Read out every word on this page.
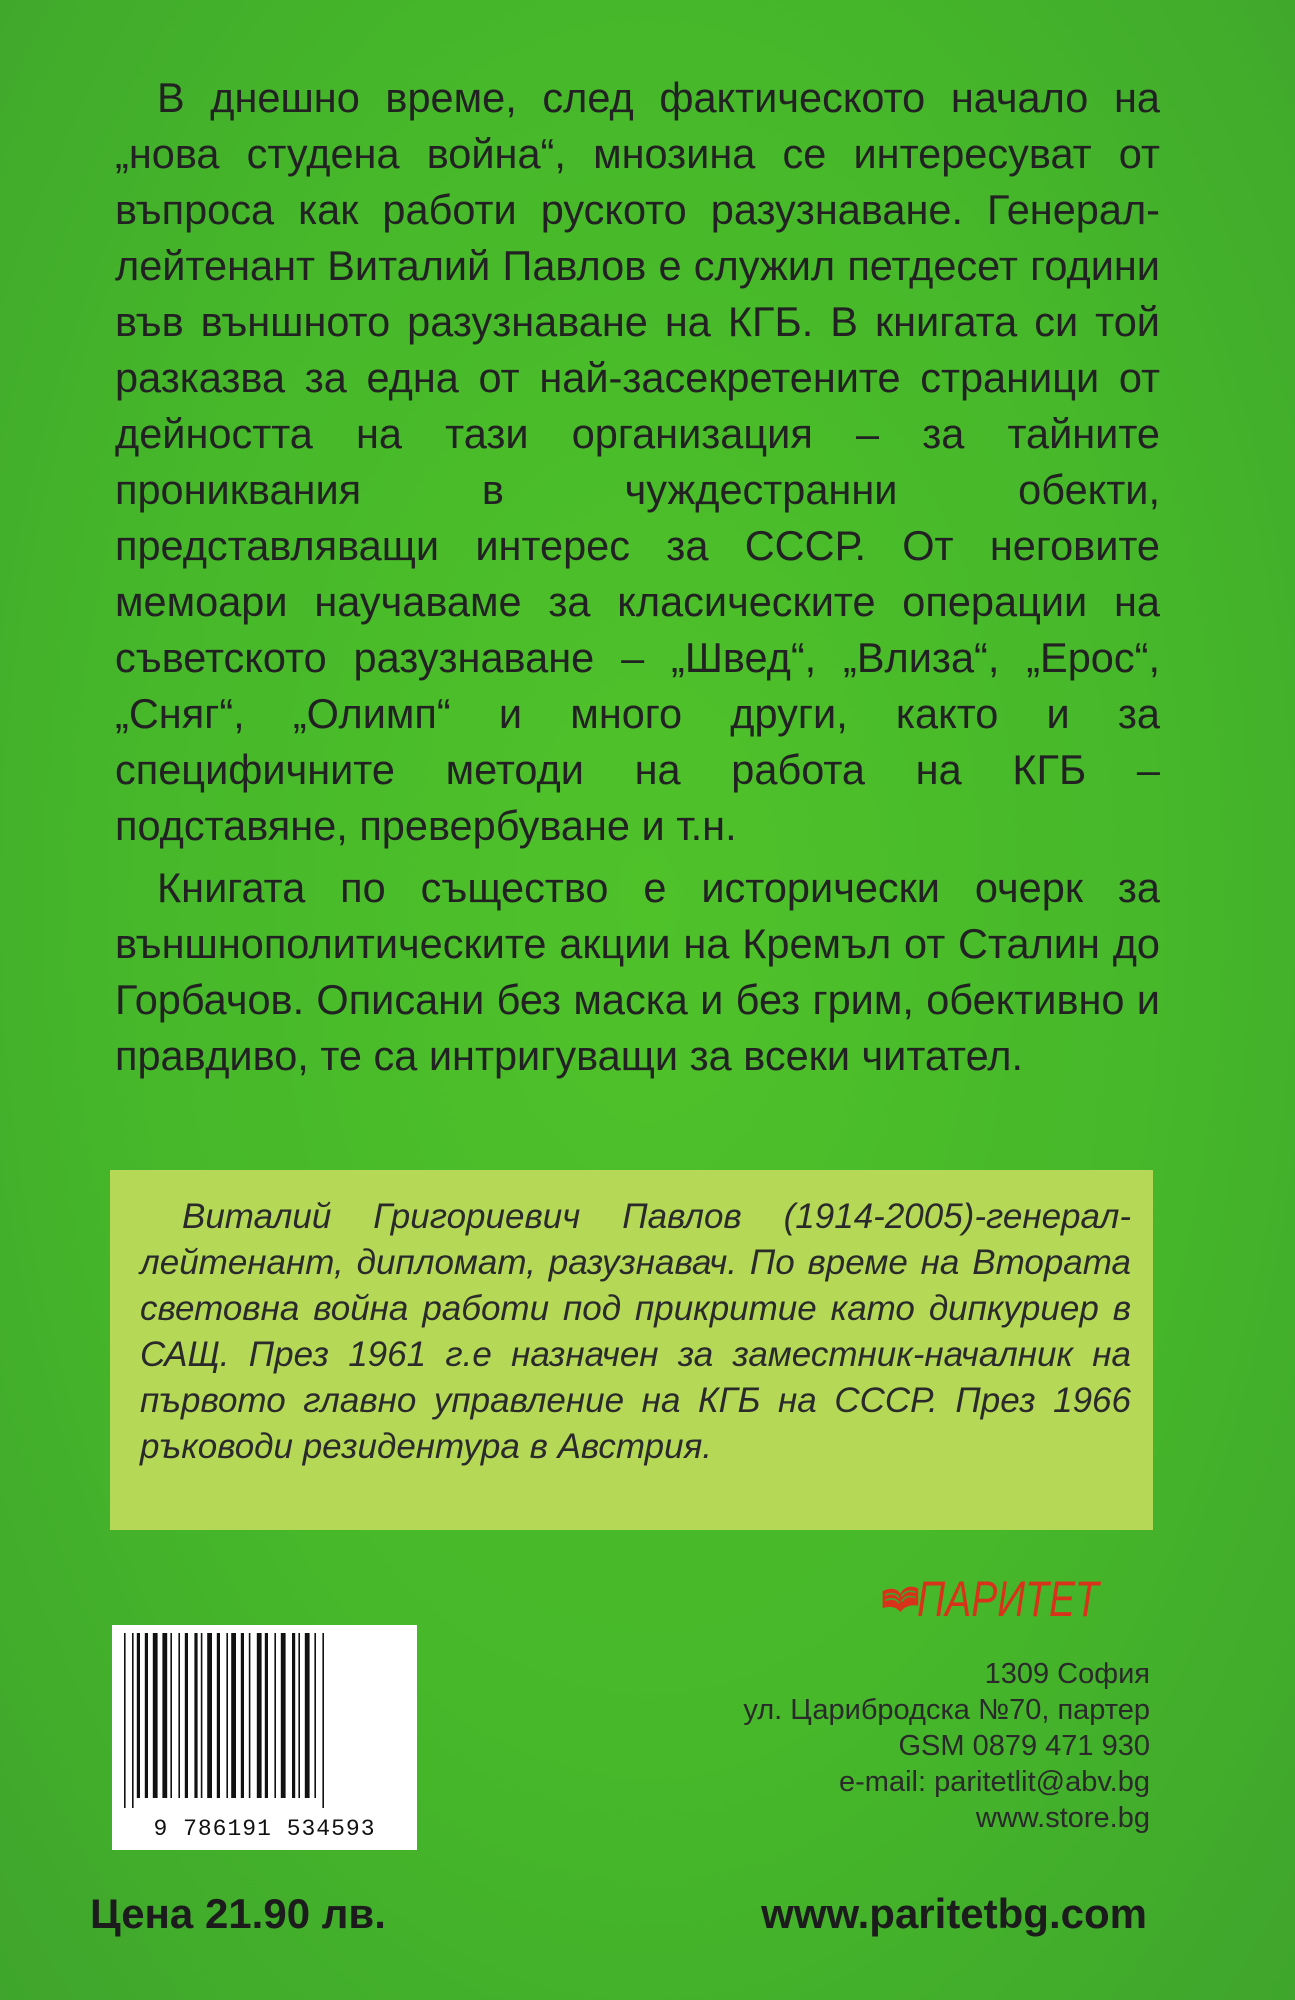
В днешно време, след фактическото начало на „нова студена война“, мнозина се интересуват от въпроса как работи руското разузнаване. Генерал-лейтенант Виталий Павлов е служил петдесет години във външното разузнаване на КГБ. В книгата си той разказва за една от най-засекретените страници от дейността на тази организация – за тайните прониквания в чуждестранни обекти, представляващи интерес за СССР. От неговите мемоари научаваме за класическите операции на съветското разузнаване – „Швед“, „Влиза“, „Ерос“, „Сняг“, „Олимп“ и много други, както и за специфичните методи на работа на КГБ – подставяне, превербуване и т.н.

Книгата по същество е исторически очерк за външнополитическите акции на Кремъл от Сталин до Горбачов. Описани без маска и без грим, обективно и правдиво, те са интригуващи за всеки читател.

Виталий Григориевич Павлов (1914-2005)-генерал-лейтенант, дипломат, разузнавач. По време на Втората световна война работи под прикритие като дипкуриер в САЩ. През 1961 г.е назначен за заместник-началник на първото главно управление на КГБ на СССР. През 1966 ръководи резидентура в Австрия.

ПАРИТЕТ
1309 София
ул. Царибродска №70, партер
GSM 0879 471 930
e-mail: paritetlit@abv.bg
www.store.bg
9 786191 534593
Цена 21.90 лв.	www.paritetbg.com
